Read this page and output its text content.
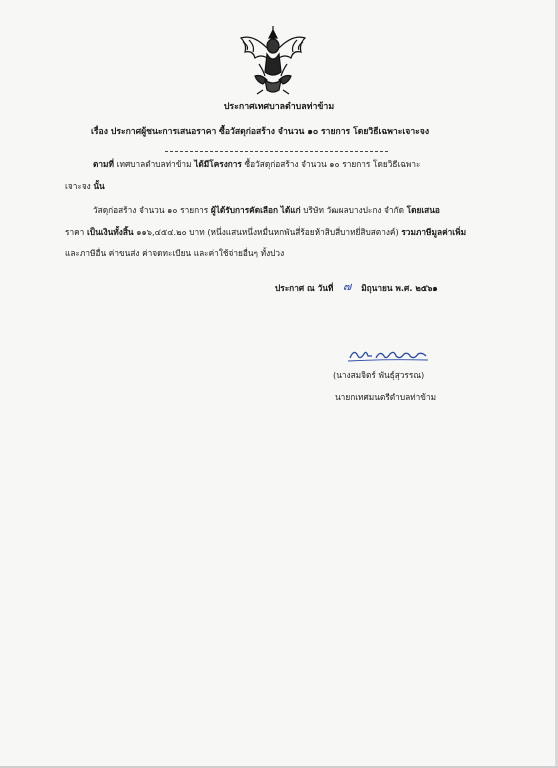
ประกาศเทศบาลตำบลท่าข้าม
เรื่อง ประกาศผู้ชนะการเสนอราคา ซื้อวัสดุก่อสร้าง จำนวน ๑๐ รายการ โดยวิธีเฉพาะเจาะจง
ตามที่ เทศบาลตำบลท่าข้าม ได้มีโครงการ ซื้อวัสดุก่อสร้าง จำนวน ๑๐ รายการ โดยวิธีเฉพาะ
เจาะจง นั้น
วัสดุก่อสร้าง จำนวน ๑๐ รายการ ผู้ได้รับการคัดเลือก ได้แก่ บริษัท วัฒผลบางปะกง จำกัด โดยเสนอ
ราคา เป็นเงินทั้งสิ้น ๑๑๖,๔๕๔.๒๐ บาท (หนึ่งแสนหนึ่งหมื่นหกพันสี่ร้อยห้าสิบสี่บาทยี่สิบสตางค์) รวมภาษีมูลค่าเพิ่ม
และภาษีอื่น ค่าขนส่ง ค่าจดทะเบียน และค่าใช้จ่ายอื่นๆ ทั้งปวง
ประกาศ ณ วันที่	มิถุนายน พ.ศ. ๒๕๖๑
๗
(นางสมจิตร์ พันธุ์สุวรรณ)
นายกเทศมนตรีตำบลท่าข้าม
